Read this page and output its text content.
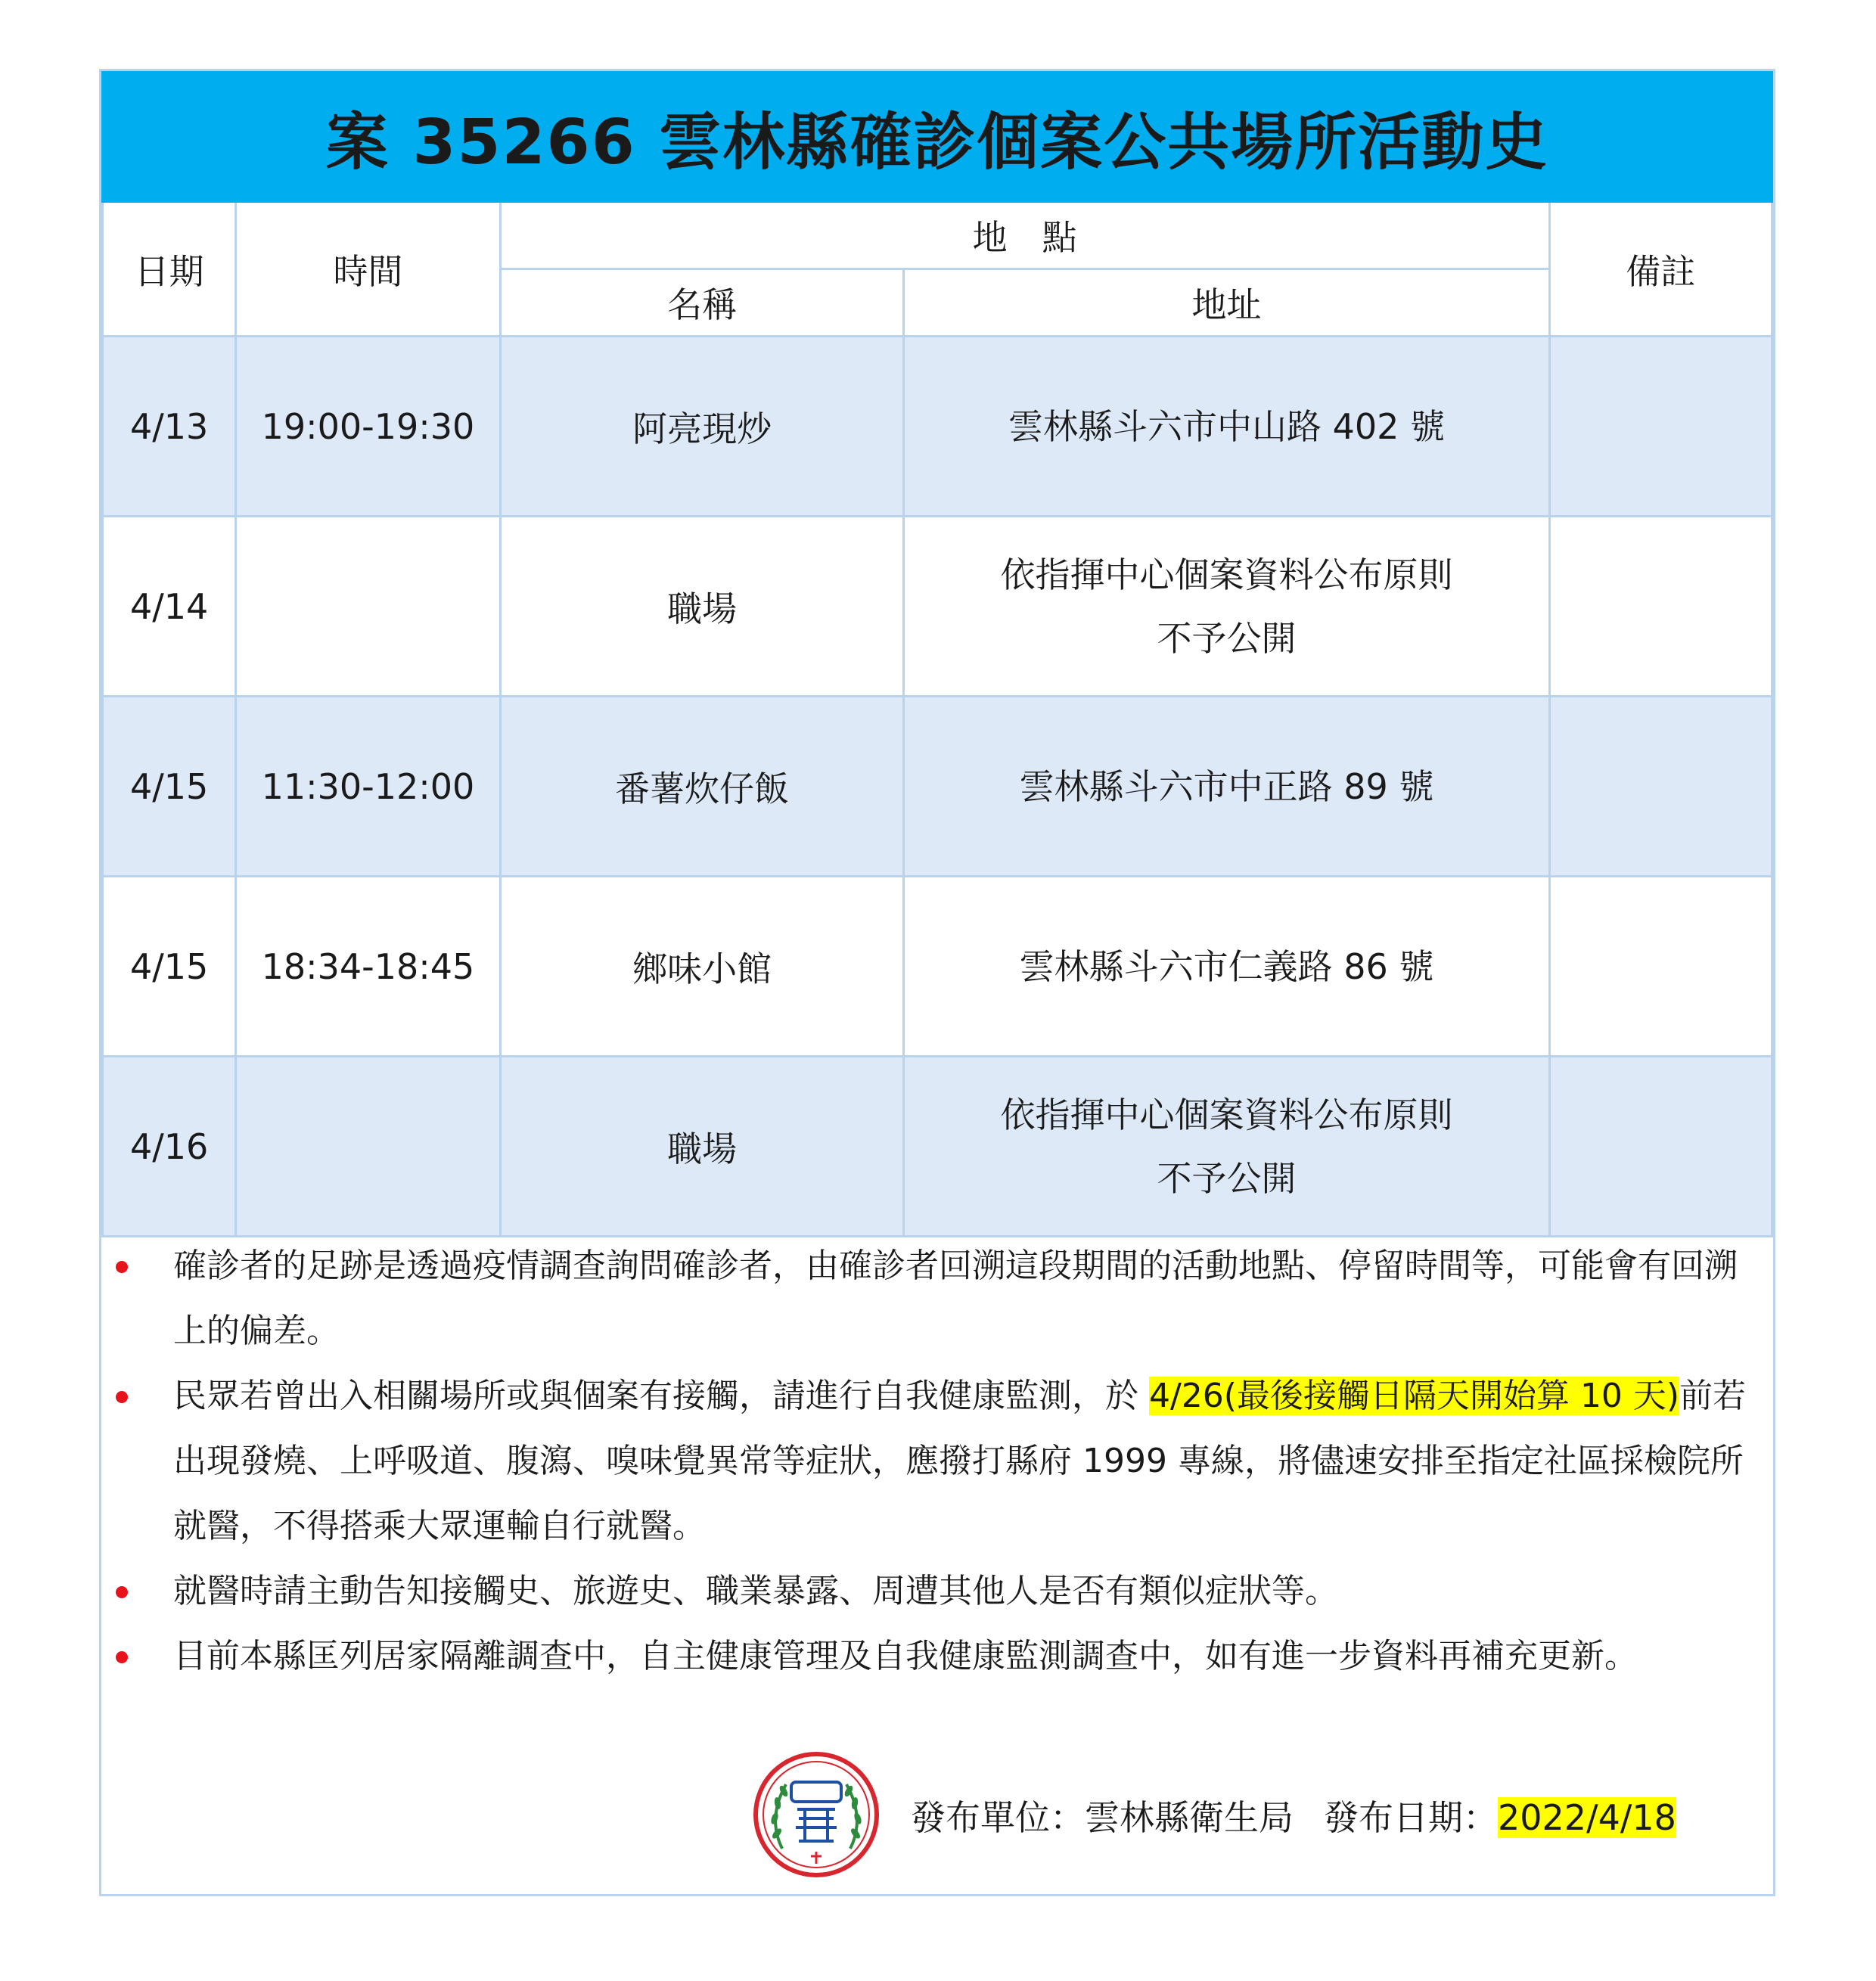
案 35266 雲林縣確診個案公共場所活動史
日期	時間	地　點		備註
		名稱	地址	
4/13	19:00-19:30	阿亮現炒	雲林縣斗六市中山路 402 號	

4/14		職場	依指揮中心個案資料公布原則
不予公開	

4/15	11:30-12:00	番薯炊仔飯	雲林縣斗六市中正路 89 號	

4/15	18:34-18:45	鄉味小館	雲林縣斗六市仁義路 86 號	

4/16		職場	依指揮中心個案資料公布原則
不予公開	

確診者的足跡是透過疫情調查詢問確診者，由確診者回溯這段期間的活動地點、停留時間等，可能會有回溯上的偏差。
民眾若曾出入相關場所或與個案有接觸，請進行自我健康監測，於 4/26(最後接觸日隔天開始算 10 天)前若出現發燒、上呼吸道、腹瀉、嗅味覺異常等症狀，應撥打縣府 1999 專線，將儘速安排至指定社區採檢院所就醫，不得搭乘大眾運輸自行就醫。
就醫時請主動告知接觸史、旅遊史、職業暴露、周遭其他人是否有類似症狀等。
目前本縣匡列居家隔離調查中，自主健康管理及自我健康監測調查中，如有進一步資料再補充更新。
發布單位：雲林縣衛生局 發布日期：2022/4/18
